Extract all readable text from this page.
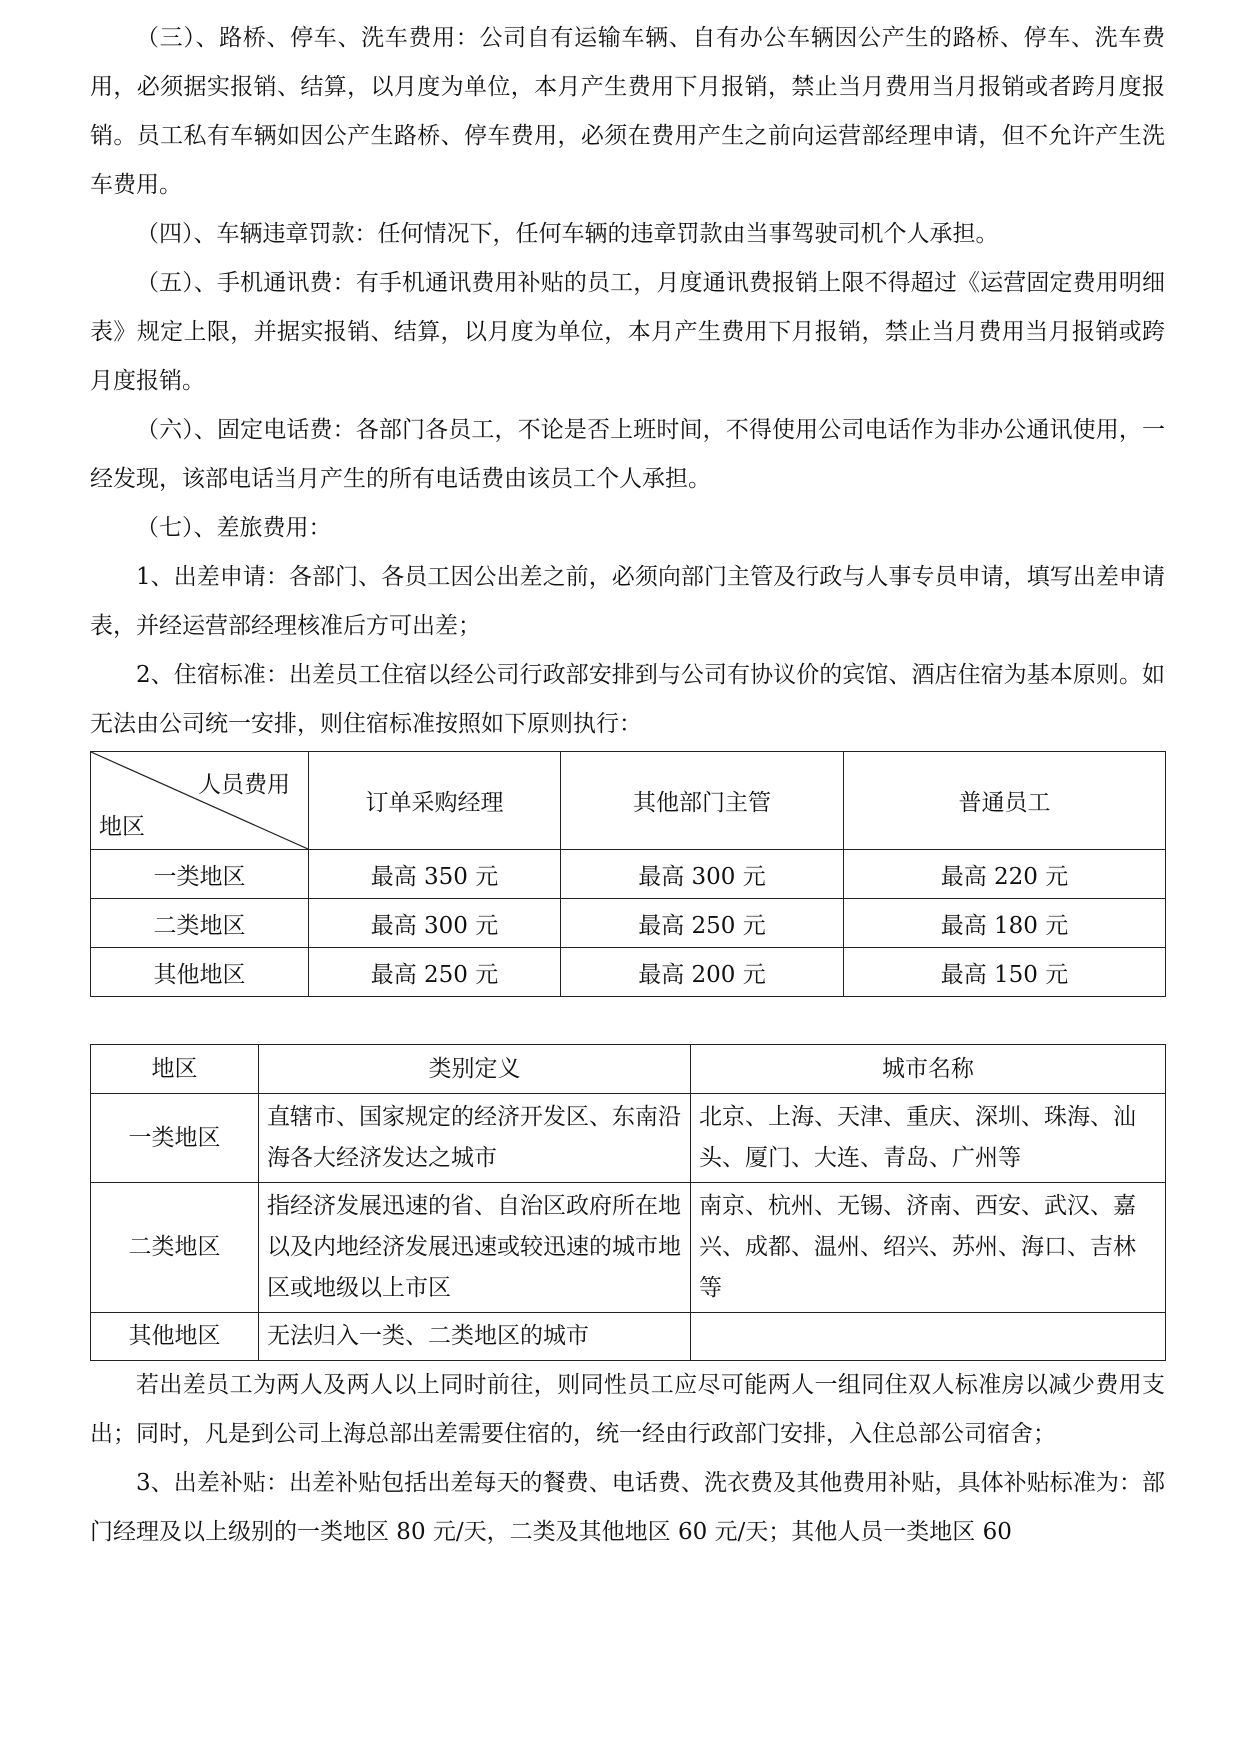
（三）、路桥、停车、洗车费用：公司自有运输车辆、自有办公车辆因公产生的路桥、停车、洗车费用，必须据实报销、结算，以月度为单位，本月产生费用下月报销，禁止当月费用当月报销或者跨月度报销。员工私有车辆如因公产生路桥、停车费用，必须在费用产生之前向运营部经理申请，但不允许产生洗车费用。

（四）、车辆违章罚款：任何情况下，任何车辆的违章罚款由当事驾驶司机个人承担。

（五）、手机通讯费：有手机通讯费用补贴的员工，月度通讯费报销上限不得超过《运营固定费用明细表》规定上限，并据实报销、结算，以月度为单位，本月产生费用下月报销，禁止当月费用当月报销或跨月度报销。

（六）、固定电话费：各部门各员工，不论是否上班时间，不得使用公司电话作为非办公通讯使用，一经发现，该部电话当月产生的所有电话费由该员工个人承担。

（七）、差旅费用：

1、出差申请：各部门、各员工因公出差之前，必须向部门主管及行政与人事专员申请，填写出差申请表，并经运营部经理核准后方可出差；

2、住宿标准：出差员工住宿以经公司行政部安排到与公司有协议价的宾馆、酒店住宿为基本原则。如无法由公司统一安排，则住宿标准按照如下原则执行：

人员费用
地区	订单采购经理	其他部门主管	普通员工
一类地区	最高 350 元	最高 300 元	最高 220 元
二类地区	最高 300 元	最高 250 元	最高 180 元
其他地区	最高 250 元	最高 200 元	最高 150 元
地区	类别定义	城市名称
一类地区	直辖市、国家规定的经济开发区、东南沿海各大经济发达之城市	北京、上海、天津、重庆、深圳、珠海、汕头、厦门、大连、青岛、广州等
二类地区	指经济发展迅速的省、自治区政府所在地以及内地经济发展迅速或较迅速的城市地区或地级以上市区	南京、杭州、无锡、济南、西安、武汉、嘉兴、成都、温州、绍兴、苏州、海口、吉林等
其他地区	无法归入一类、二类地区的城市	

若出差员工为两人及两人以上同时前往，则同性员工应尽可能两人一组同住双人标准房以减少费用支出；同时，凡是到公司上海总部出差需要住宿的，统一经由行政部门安排，入住总部公司宿舍；

3、出差补贴：出差补贴包括出差每天的餐费、电话费、洗衣费及其他费用补贴，具体补贴标准为：部门经理及以上级别的一类地区 80 元/天，二类及其他地区 60 元/天；其他人员一类地区 60
